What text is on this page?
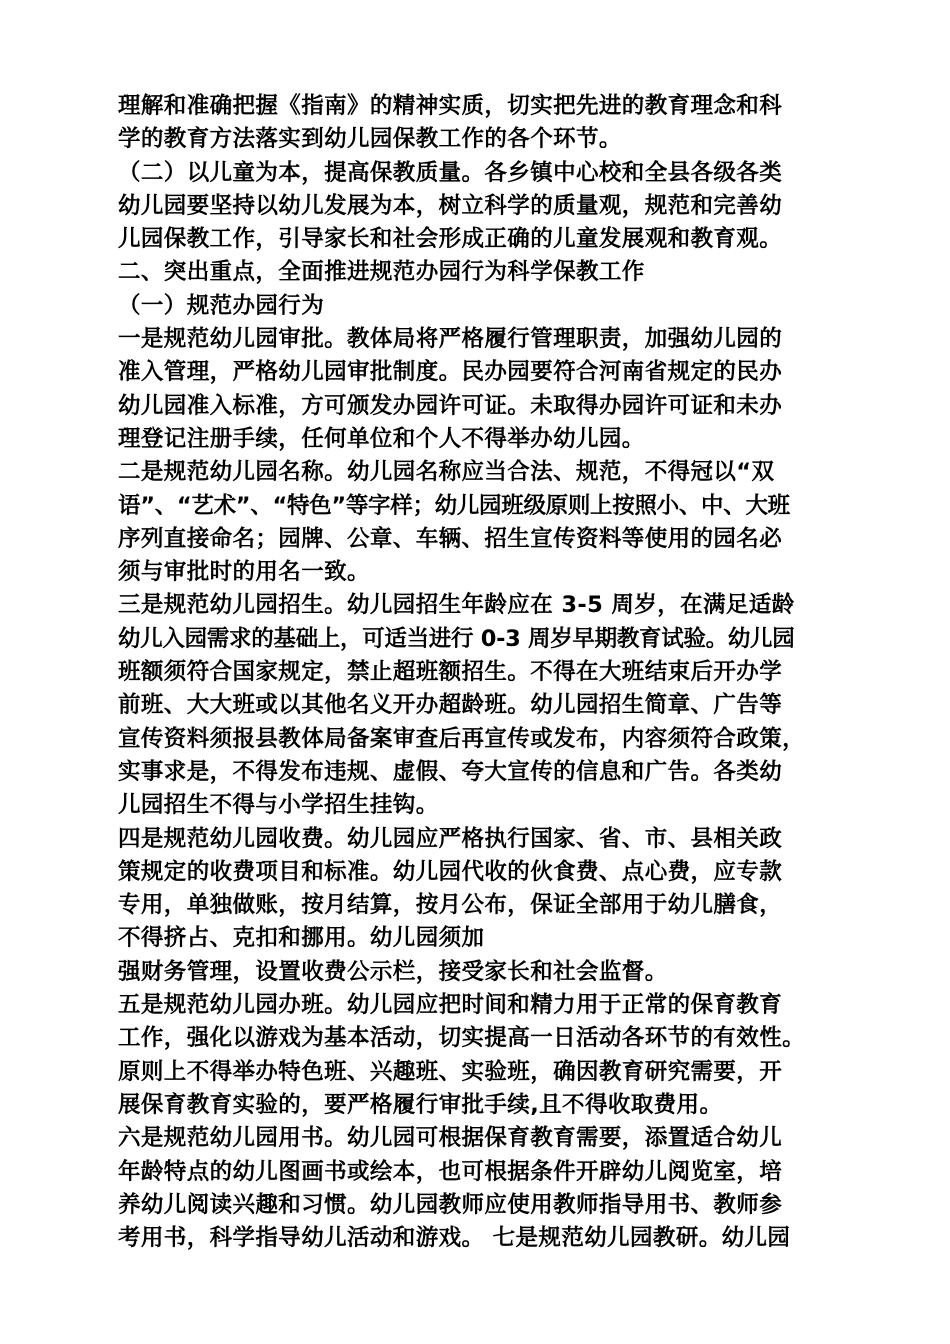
理解和准确把握《指南》的精神实质，切实把先进的教育理念和科
学的教育方法落实到幼儿园保教工作的各个环节。
（二）以儿童为本，提高保教质量。各乡镇中心校和全县各级各类
幼儿园要坚持以幼儿发展为本，树立科学的质量观，规范和完善幼
儿园保教工作，引导家长和社会形成正确的儿童发展观和教育观。
二、突出重点，全面推进规范办园行为科学保教工作
（一）规范办园行为
一是规范幼儿园审批。教体局将严格履行管理职责，加强幼儿园的
准入管理，严格幼儿园审批制度。民办园要符合河南省规定的民办
幼儿园准入标准，方可颁发办园许可证。未取得办园许可证和未办
理登记注册手续，任何单位和个人不得举办幼儿园。
二是规范幼儿园名称。幼儿园名称应当合法、规范，不得冠以“双
语”、“艺术”、“特色”等字样；幼儿园班级原则上按照小、中、大班
序列直接命名；园牌、公章、车辆、招生宣传资料等使用的园名必
须与审批时的用名一致。
三是规范幼儿园招生。幼儿园招生年龄应在 3-5 周岁，在满足适龄
幼儿入园需求的基础上，可适当进行 0-3 周岁早期教育试验。幼儿园
班额须符合国家规定，禁止超班额招生。不得在大班结束后开办学
前班、大大班或以其他名义开办超龄班。幼儿园招生简章、广告等
宣传资料须报县教体局备案审查后再宣传或发布，内容须符合政策，
实事求是，不得发布违规、虚假、夸大宣传的信息和广告。各类幼
儿园招生不得与小学招生挂钩。
四是规范幼儿园收费。幼儿园应严格执行国家、省、市、县相关政
策规定的收费项目和标准。幼儿园代收的伙食费、点心费，应专款
专用，单独做账，按月结算，按月公布，保证全部用于幼儿膳食，
不得挤占、克扣和挪用。幼儿园须加
强财务管理，设置收费公示栏，接受家长和社会监督。
五是规范幼儿园办班。幼儿园应把时间和精力用于正常的保育教育
工作，强化以游戏为基本活动，切实提高一日活动各环节的有效性。
原则上不得举办特色班、兴趣班、实验班，确因教育研究需要，开
展保育教育实验的，要严格履行审批手续,且不得收取费用。
六是规范幼儿园用书。幼儿园可根据保育教育需要，添置适合幼儿
年龄特点的幼儿图画书或绘本，也可根据条件开辟幼儿阅览室，培
养幼儿阅读兴趣和习惯。幼儿园教师应使用教师指导用书、教师参
考用书，科学指导幼儿活动和游戏。 七是规范幼儿园教研。幼儿园
